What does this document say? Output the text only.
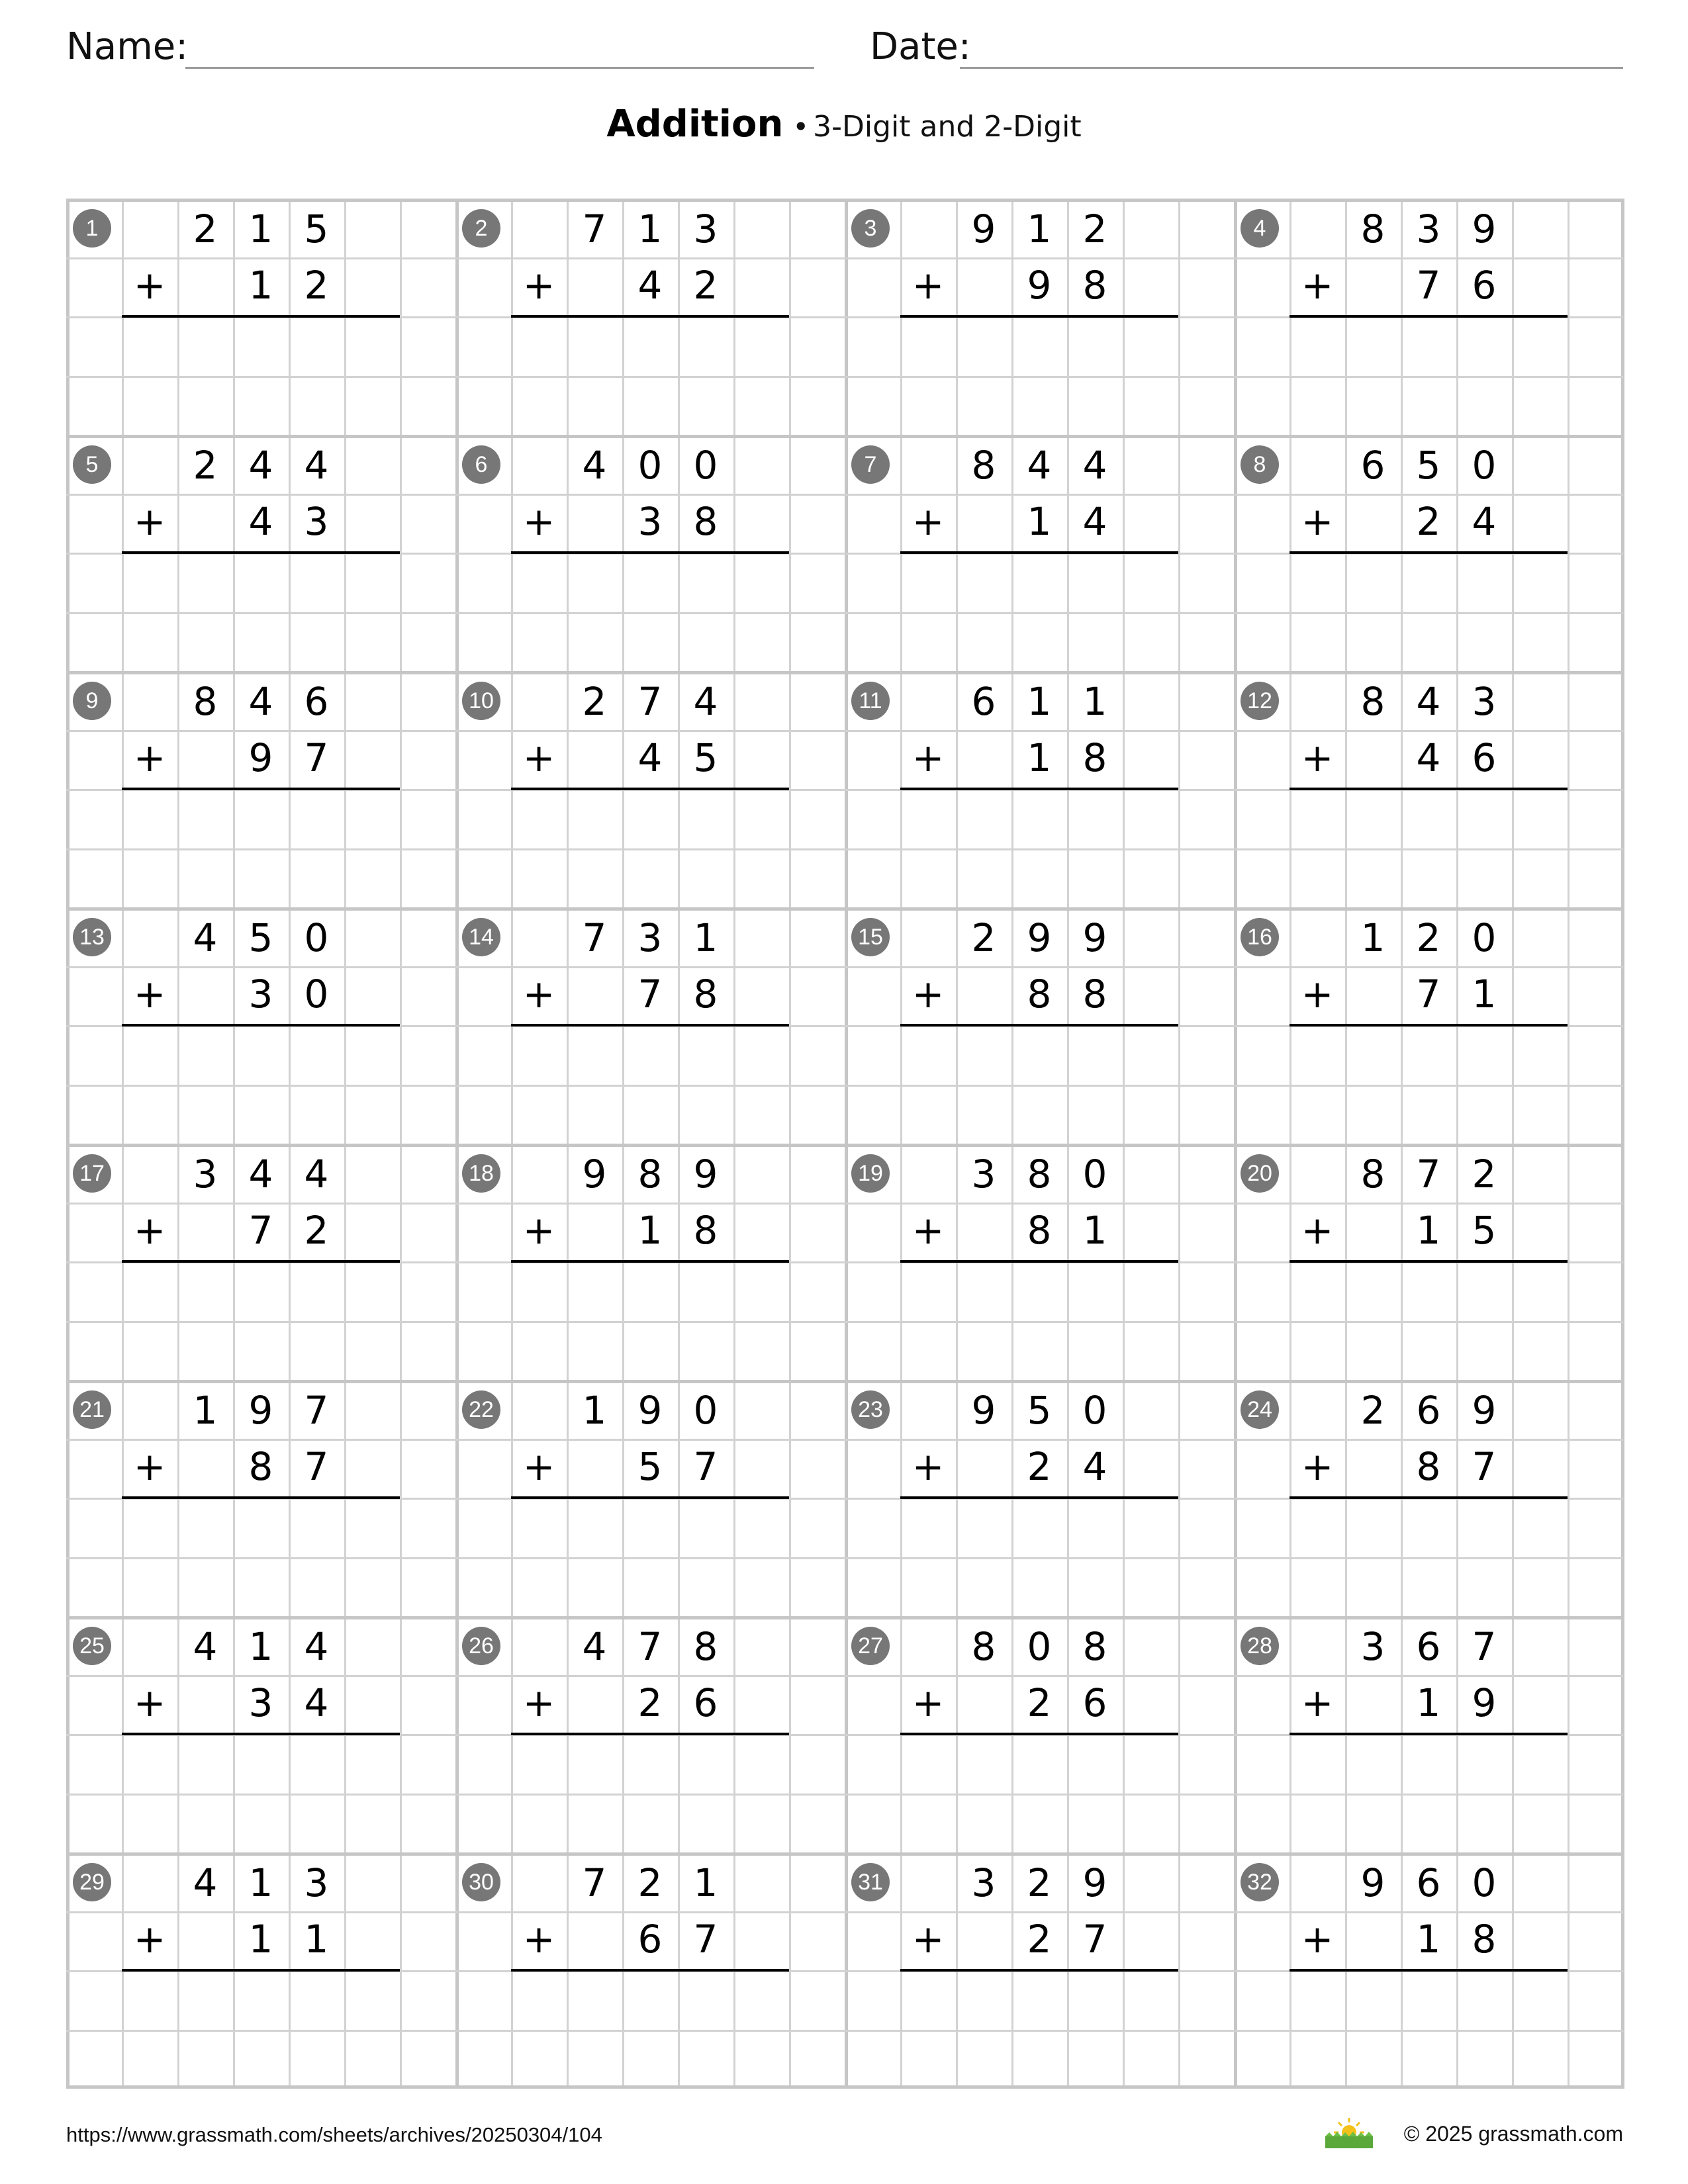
Name:	Date:
Addition • 3-Digit and 2-Digit
1	2 1 5
+	1 2
2	7 1 3
+	4 2
3	9 1 2
+	9 8
4	8 3 9
+	7 6
5	2 4 4
+	4 3
6	4 0 0
+	3 8
7	8 4 4
+	1 4
8	6 5 0
+	2 4
9	8 4 6
+	9 7
10	2 7 4
+	4 5
11	6 1 1
+	1 8
12	8 4 3
+	4 6
13	4 5 0
+	3 0
14	7 3 1
+	7 8
15	2 9 9
+	8 8
16	1 2 0
+	7 1
17	3 4 4
+	7 2
18	9 8 9
+	1 8
19	3 8 0
+	8 1
20	8 7 2
+	1 5
21	1 9 7
+	8 7
22	1 9 0
+	5 7
23	9 5 0
+	2 4
24	2 6 9
+	8 7
25	4 1 4
+	3 4
26	4 7 8
+	2 6
27	8 0 8
+	2 6
28	3 6 7
+	1 9
29	4 1 3
+	1 1
30	7 2 1
+	6 7
31	3 2 9
+	2 7
32	9 6 0
+	1 8
https://www.grassmath.com/sheets/archives/20250304/104	© 2025 grassmath.com
